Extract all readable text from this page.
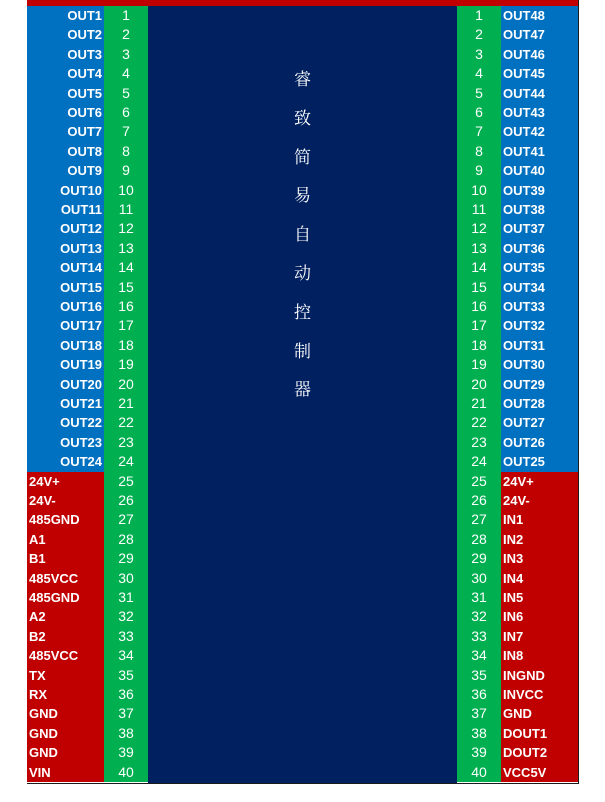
OUT1
OUT2
OUT3
OUT4
OUT5
OUT6
OUT7
OUT8
OUT9
OUT10
OUT11
OUT12
OUT13
OUT14
OUT15
OUT16
OUT17
OUT18
OUT19
OUT20
OUT21
OUT22
OUT23
OUT24
24V+
24V-
485GND
A1
B1
485VCC
485GND
A2
B2
485VCC
TX
RX
GND
GND
GND
VIN
1
2
3
4
5
6
7
8
9
10
11
12
13
14
15
16
17
18
19
20
21
22
23
24
25
26
27
28
29
30
31
32
33
34
35
36
37
38
39
40
睿
致
简
易
自
动
控
制
器
1
2
3
4
5
6
7
8
9
10
11
12
13
14
15
16
17
18
19
20
21
22
23
24
25
26
27
28
29
30
31
32
33
34
35
36
37
38
39
40
OUT48
OUT47
OUT46
OUT45
OUT44
OUT43
OUT42
OUT41
OUT40
OUT39
OUT38
OUT37
OUT36
OUT35
OUT34
OUT33
OUT32
OUT31
OUT30
OUT29
OUT28
OUT27
OUT26
OUT25
24V+
24V-
IN1
IN2
IN3
IN4
IN5
IN6
IN7
IN8
INGND
INVCC
GND
DOUT1
DOUT2
VCC5V
